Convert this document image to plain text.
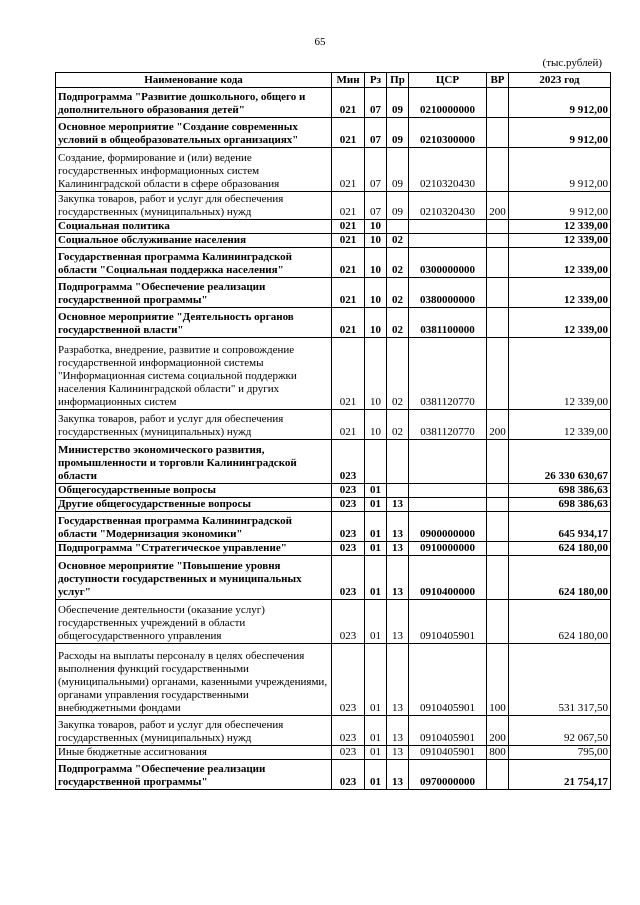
65
(тыс.рублей)
Наименование кода	Мин	Рз	Пр	ЦСР	ВР	2023 год
Подпрограмма "Развитие дошкольного, общего и дополнительного образования детей"	021	07	09	0210000000		9 912,00
Основное мероприятие "Создание современных условий в общеобразовательных организациях"	021	07	09	0210300000		9 912,00
Создание, формирование и (или) ведение государственных информационных систем Калининградской области в сфере образования	021	07	09	0210320430		9 912,00
Закупка товаров, работ и услуг для обеспечения государственных (муниципальных) нужд	021	07	09	0210320430	200	9 912,00
Социальная политика	021	10				12 339,00
Социальное обслуживание населения	021	10	02			12 339,00
Государственная программа Калининградской области "Социальная поддержка населения"	021	10	02	0300000000		12 339,00
Подпрограмма "Обеспечение реализации государственной программы"	021	10	02	0380000000		12 339,00
Основное мероприятие "Деятельность органов государственной власти"	021	10	02	0381100000		12 339,00
Разработка, внедрение, развитие и сопровождение государственной информационной системы "Информационная система социальной поддержки населения Калининградской области" и других информационных систем	021	10	02	0381120770		12 339,00
Закупка товаров, работ и услуг для обеспечения государственных (муниципальных) нужд	021	10	02	0381120770	200	12 339,00
Министерство экономического развития, промышленности и торговли Калининградской области	023					26 330 630,67
Общегосударственные вопросы	023	01				698 386,63
Другие общегосударственные вопросы	023	01	13			698 386,63
Государственная программа Калининградской области "Модернизация экономики"	023	01	13	0900000000		645 934,17
Подпрограмма "Стратегическое управление"	023	01	13	0910000000		624 180,00
Основное мероприятие "Повышение уровня доступности государственных и муниципальных услуг"	023	01	13	0910400000		624 180,00
Обеспечение деятельности (оказание услуг) государственных учреждений в области общегосударственного управления	023	01	13	0910405901		624 180,00
Расходы на выплаты персоналу в целях обеспечения выполнения функций государственными (муниципальными) органами, казенными учреждениями, органами управления государственными внебюджетными фондами	023	01	13	0910405901	100	531 317,50
Закупка товаров, работ и услуг для обеспечения государственных (муниципальных) нужд	023	01	13	0910405901	200	92 067,50
Иные бюджетные ассигнования	023	01	13	0910405901	800	795,00
Подпрограмма "Обеспечение реализации государственной программы"	023	01	13	0970000000		21 754,17
